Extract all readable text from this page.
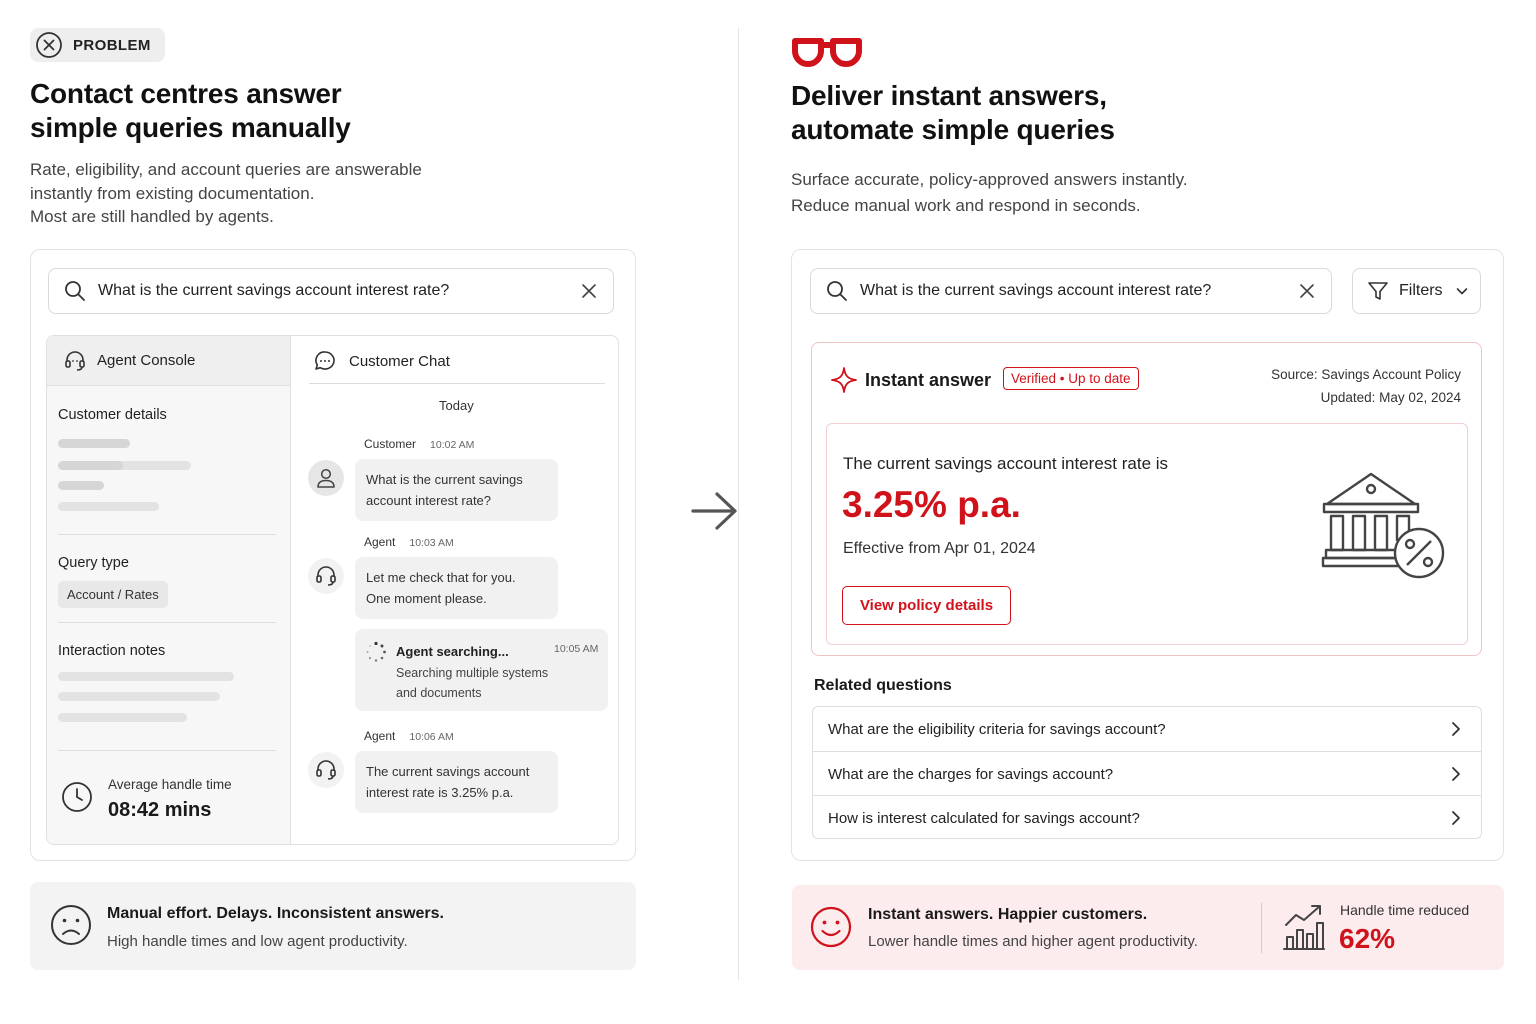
PROBLEM
Contact centres answer
simple queries manually
Rate, eligibility, and account queries are answerable
instantly from existing documentation.
Most are still handled by agents.
What is the current savings account interest rate?
Agent Console
Customer details
Query type
Account / Rates
Interaction notes
Average handle time
08:42 mins
Customer Chat
Today
Customer 10:02 AM
What is the current savings
account interest rate?
Agent 10:03 AM
Let me check that for you.
One moment please.
Agent searching...	10:05 AM
Searching multiple systems
and documents
Agent 10:06 AM
The current savings account
interest rate is 3.25% p.a.
Manual effort. Delays. Inconsistent answers.
High handle times and low agent productivity.
Deliver instant answers,
automate simple queries
Surface accurate, policy-approved answers instantly.
Reduce manual work and respond in seconds.
What is the current savings account interest rate?	Filters
Instant answer	Verified • Up to date	Source: Savings Account Policy
Updated: May 02, 2024
The current savings account interest rate is
3.25% p.a.
Effective from Apr 01, 2024
View policy details
Related questions
What are the eligibility criteria for savings account?
What are the charges for savings account?
How is interest calculated for savings account?
Instant answers. Happier customers.
Lower handle times and higher agent productivity.
Handle time reduced
62%
